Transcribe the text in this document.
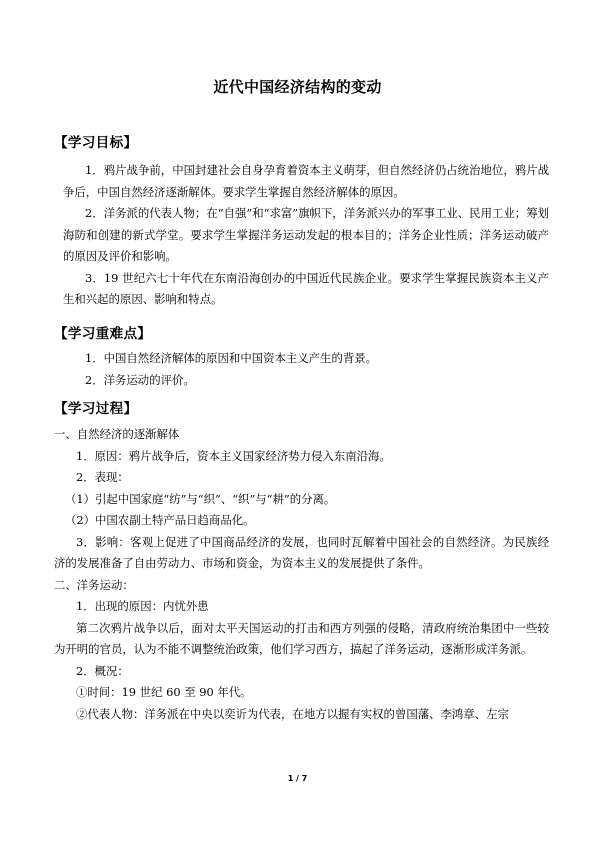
近代中国经济结构的变动
【学习目标】

1．鸦片战争前，中国封建社会自身孕育着资本主义萌芽，但自然经济仍占统治地位，鸦片战争后，中国自然经济逐渐解体。要求学生掌握自然经济解体的原因。

2．洋务派的代表人物；在“自强”和“求富”旗帜下，洋务派兴办的军事工业、民用工业；筹划海防和创建的新式学堂。要求学生掌握洋务运动发起的根本目的；洋务企业性质；洋务运动破产的原因及评价和影响。

3．19 世纪六七十年代在东南沿海创办的中国近代民族企业。要求学生掌握民族资本主义产生和兴起的原因、影响和特点。

【学习重难点】

1．中国自然经济解体的原因和中国资本主义产生的背景。

2．洋务运动的评价。

【学习过程】

一、自然经济的逐渐解体

1．原因：鸦片战争后，资本主义国家经济势力侵入东南沿海。

2．表现：

（1）引起中国家庭“纺”与“织”、“织”与“耕”的分离。

（2）中国农副土特产品日趋商品化。

3．影响：客观上促进了中国商品经济的发展，也同时瓦解着中国社会的自然经济。为民族经济的发展准备了自由劳动力、市场和资金，为资本主义的发展提供了条件。

二、洋务运动：

1．出现的原因：内忧外患

第二次鸦片战争以后，面对太平天国运动的打击和西方列强的侵略，清政府统治集团中一些较为开明的官员，认为不能不调整统治政策，他们学习西方，搞起了洋务运动，逐渐形成洋务派。

2．概况：

①时间：19 世纪 60 至 90 年代。

②代表人物：洋务派在中央以奕䜣为代表，在地方以握有实权的曾国藩、李鸿章、左宗

1 / 7
